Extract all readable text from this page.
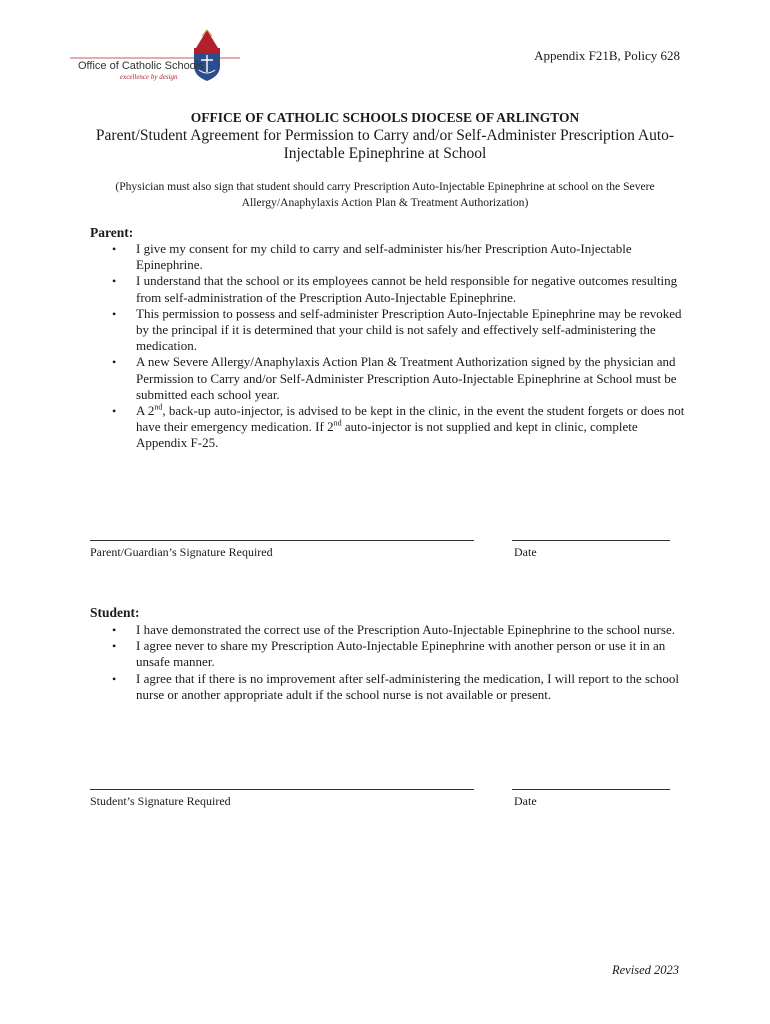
Office of Catholic Schools
excellence by design
Appendix F21B, Policy 628
OFFICE OF CATHOLIC SCHOOLS DIOCESE OF ARLINGTON
Parent/Student Agreement for Permission to Carry and/or Self-Administer Prescription Auto-Injectable Epinephrine at School
(Physician must also sign that student should carry Prescription Auto-Injectable Epinephrine at school on the Severe Allergy/Anaphylaxis Action Plan & Treatment Authorization)
Parent:
• I give my consent for my child to carry and self-administer his/her Prescription Auto-Injectable Epinephrine.
• I understand that the school or its employees cannot be held responsible for negative outcomes resulting from self-administration of the Prescription Auto-Injectable Epinephrine.
• This permission to possess and self-administer Prescription Auto-Injectable Epinephrine may be revoked by the principal if it is determined that your child is not safely and effectively self-administering the medication.
• A new Severe Allergy/Anaphylaxis Action Plan & Treatment Authorization signed by the physician and Permission to Carry and/or Self-Administer Prescription Auto-Injectable Epinephrine at School must be submitted each school year.
• A 2nd, back-up auto-injector, is advised to be kept in the clinic, in the event the student forgets or does not have their emergency medication. If 2nd auto-injector is not supplied and kept in clinic, complete Appendix F-25.
Parent/Guardian’s Signature Required	Date
Student:
• I have demonstrated the correct use of the Prescription Auto-Injectable Epinephrine to the school nurse.
• I agree never to share my Prescription Auto-Injectable Epinephrine with another person or use it in an unsafe manner.
• I agree that if there is no improvement after self-administering the medication, I will report to the school nurse or another appropriate adult if the school nurse is not available or present.
Student’s Signature Required	Date
Revised 2023
